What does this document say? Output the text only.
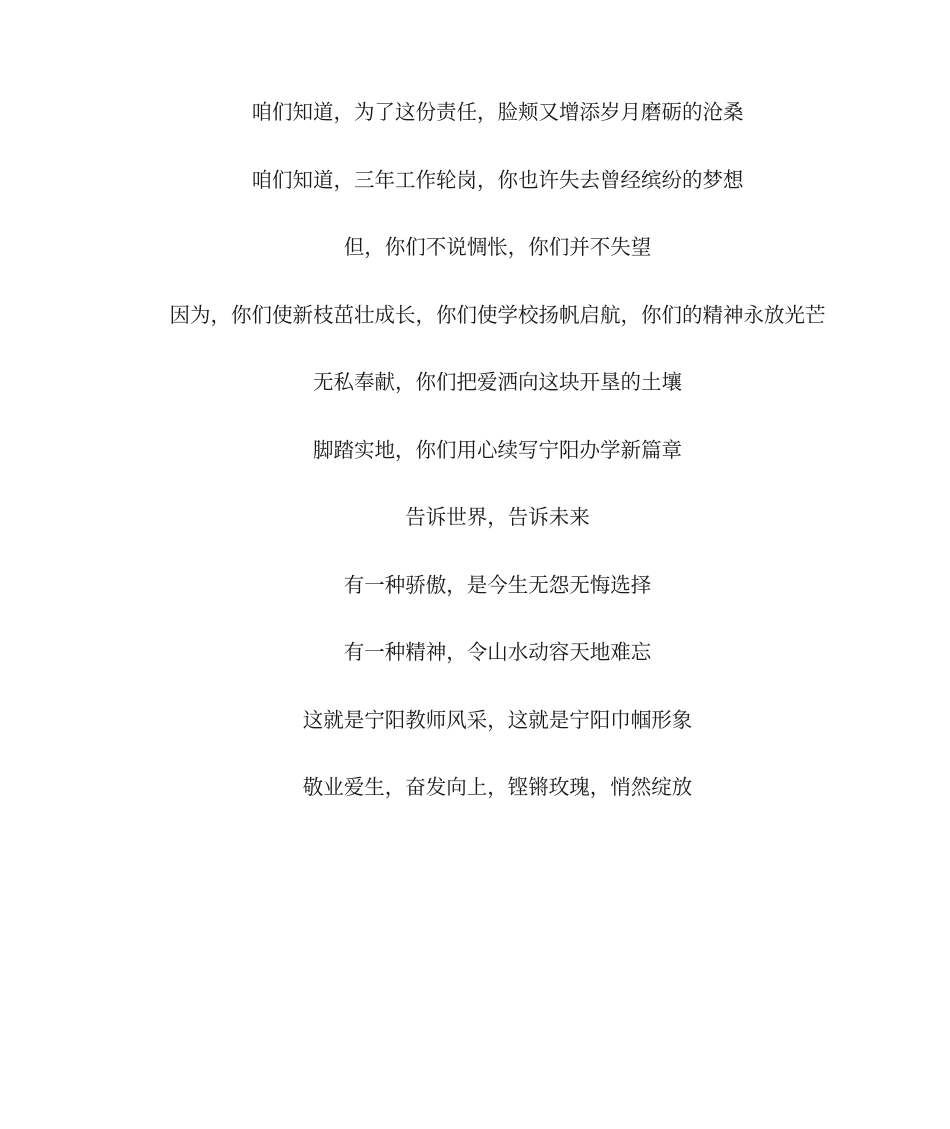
咱们知道，为了这份责任，脸颊又增添岁月磨砺的沧桑

咱们知道，三年工作轮岗，你也许失去曾经缤纷的梦想

但，你们不说惆怅，你们并不失望

因为，你们使新枝茁壮成长，你们使学校扬帆启航，你们的精神永放光芒

无私奉献，你们把爱洒向这块开垦的土壤

脚踏实地，你们用心续写宁阳办学新篇章

告诉世界，告诉未来

有一种骄傲，是今生无怨无悔选择

有一种精神，令山水动容天地难忘

这就是宁阳教师风采，这就是宁阳巾帼形象

敬业爱生，奋发向上，铿锵玫瑰，悄然绽放
